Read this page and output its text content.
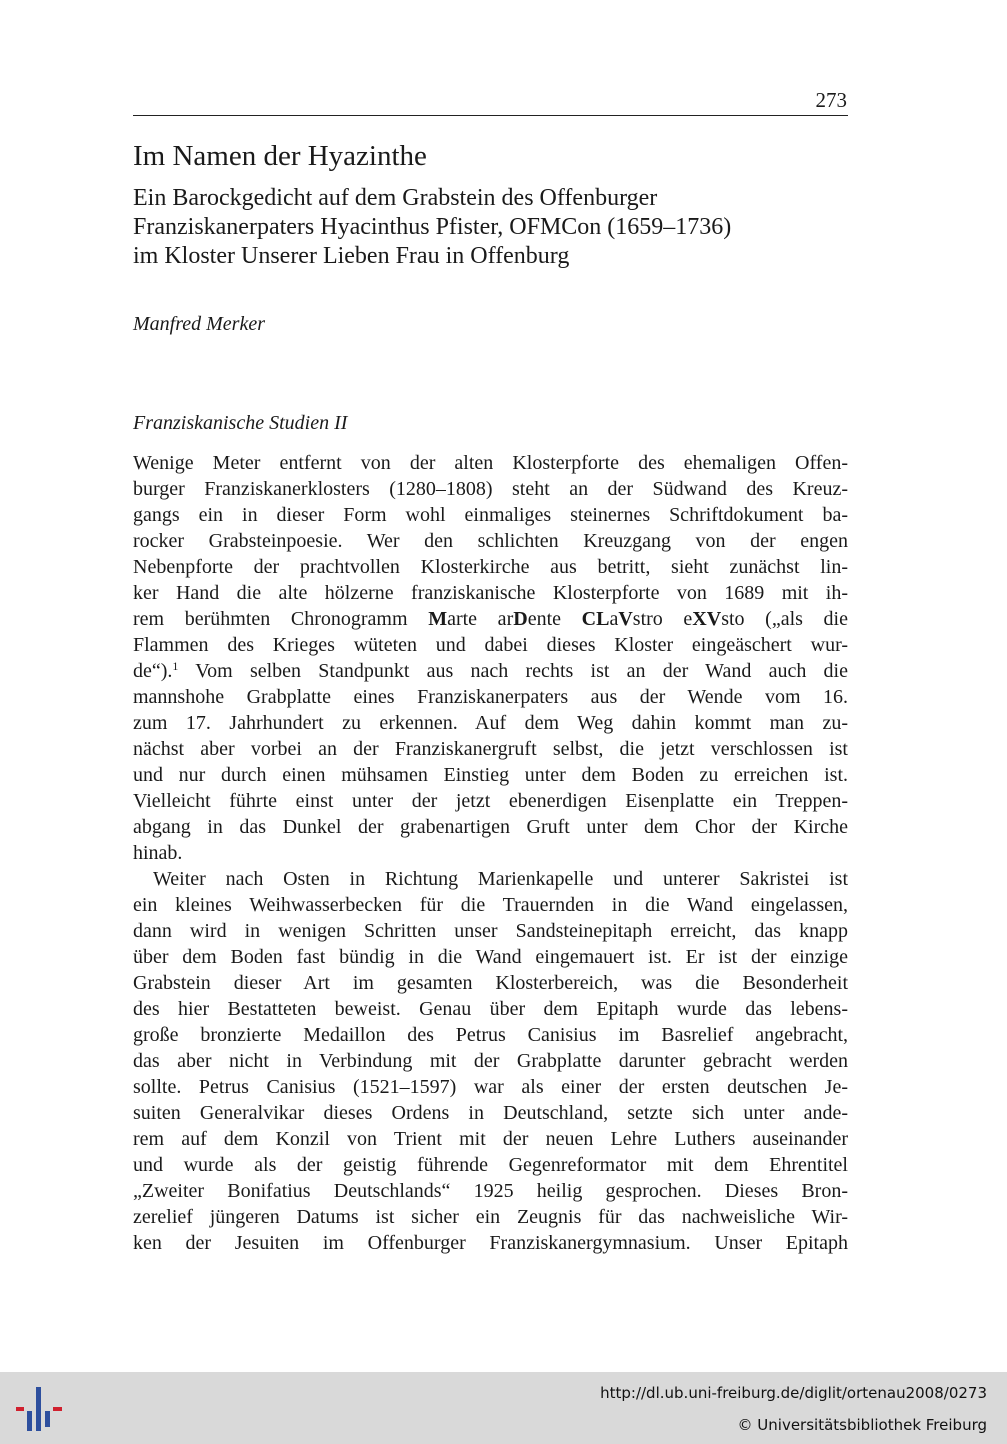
273
Im Namen der Hyazinthe
Ein Barockgedicht auf dem Grabstein des Offenburger
Franziskanerpaters Hyacinthus Pfister, OFMCon (1659–1736)
im Kloster Unserer Lieben Frau in Offenburg
Manfred Merker
Franziskanische Studien II
Wenige Meter entfernt von der alten Klosterpforte des ehemaligen Offen-
burger Franziskanerklosters (1280–1808) steht an der Südwand des Kreuz-
gangs ein in dieser Form wohl einmaliges steinernes Schriftdokument ba-
rocker Grabsteinpoesie. Wer den schlichten Kreuzgang von der engen
Nebenpforte der prachtvollen Klosterkirche aus betritt, sieht zunächst lin-
ker Hand die alte hölzerne franziskanische Klosterpforte von 1689 mit ih-
rem berühmten Chronogramm Marte arDente CLaVstro eXVsto („als die
Flammen des Krieges wüteten und dabei dieses Kloster eingeäschert wur-
de“).$^1$ Vom selben Standpunkt aus nach rechts ist an der Wand auch die
mannshohe Grabplatte eines Franziskanerpaters aus der Wende vom 16.
zum 17. Jahrhundert zu erkennen. Auf dem Weg dahin kommt man zu-
nächst aber vorbei an der Franziskanergruft selbst, die jetzt verschlossen ist
und nur durch einen mühsamen Einstieg unter dem Boden zu erreichen ist.
Vielleicht führte einst unter der jetzt ebenerdigen Eisenplatte ein Treppen-
abgang in das Dunkel der grabenartigen Gruft unter dem Chor der Kirche
hinab.
Weiter nach Osten in Richtung Marienkapelle und unterer Sakristei ist
ein kleines Weihwasserbecken für die Trauernden in die Wand eingelassen,
dann wird in wenigen Schritten unser Sandsteinepitaph erreicht, das knapp
über dem Boden fast bündig in die Wand eingemauert ist. Er ist der einzige
Grabstein dieser Art im gesamten Klosterbereich, was die Besonderheit
des hier Bestatteten beweist. Genau über dem Epitaph wurde das lebens-
große bronzierte Medaillon des Petrus Canisius im Basrelief angebracht,
das aber nicht in Verbindung mit der Grabplatte darunter gebracht werden
sollte. Petrus Canisius (1521–1597) war als einer der ersten deutschen Je-
suiten Generalvikar dieses Ordens in Deutschland, setzte sich unter ande-
rem auf dem Konzil von Trient mit der neuen Lehre Luthers auseinander
und wurde als der geistig führende Gegenreformator mit dem Ehrentitel
„Zweiter Bonifatius Deutschlands“ 1925 heilig gesprochen. Dieses Bron-
zerelief jüngeren Datums ist sicher ein Zeugnis für das nachweisliche Wir-
ken der Jesuiten im Offenburger Franziskanergymnasium. Unser Epitaph
http://dl.ub.uni-freiburg.de/diglit/ortenau2008/0273
© Universitätsbibliothek Freiburg
